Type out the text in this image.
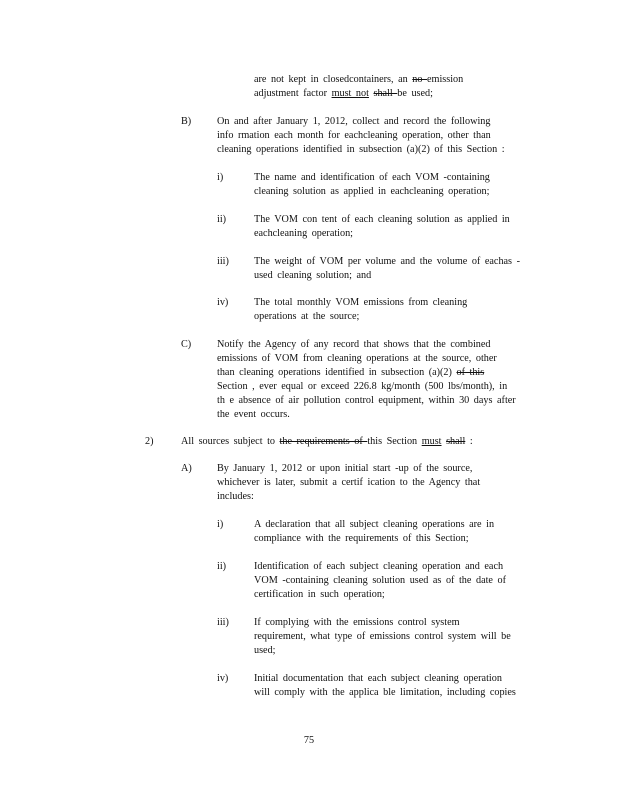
are not kept in closedcontainers, an no emission
adjustment factor must not shall be used;
B)	On and after January 1, 2012, collect and record the following
info rmation each month for eachcleaning operation, other than
cleaning operations identified in subsection (a)(2) of this Section :
i)	The name and identification of each VOM -containing
cleaning solution as applied in eachcleaning operation;
ii)	The VOM con tent of each cleaning solution as applied in
eachcleaning operation;
iii) The weight of VOM per volume and the volume of eachas -
used cleaning solution; and
iv)	The total monthly VOM emissions from cleaning
operations at the source;
C)	Notify the Agency of any record that shows that the combined
emissions of VOM from cleaning operations at the source, other
than cleaning operations identified in subsection (a)(2) of this
Section , ever equal or exceed 226.8 kg/month (500 lbs/month), in
th e absence of air pollution control equipment, within 30 days after
the event occurs.
2)	All sources subject to the requirements of this Section must shall :
A) By January 1, 2012 or upon initial start -up of the source,
whichever is later, submit a certif ication to the Agency that
includes:
i)	A declaration that all subject cleaning operations are in
compliance with the requirements of this Section;
ii)	Identification of each subject cleaning operation and each
VOM -containing cleaning solution used as of the date of
certification in such operation;
iii) If complying with the emissions control system
requirement, what type of emissions control system will be
used;
iv)	Initial documentation that each subject cleaning operation
will comply with the applica ble limitation, including copies
75
